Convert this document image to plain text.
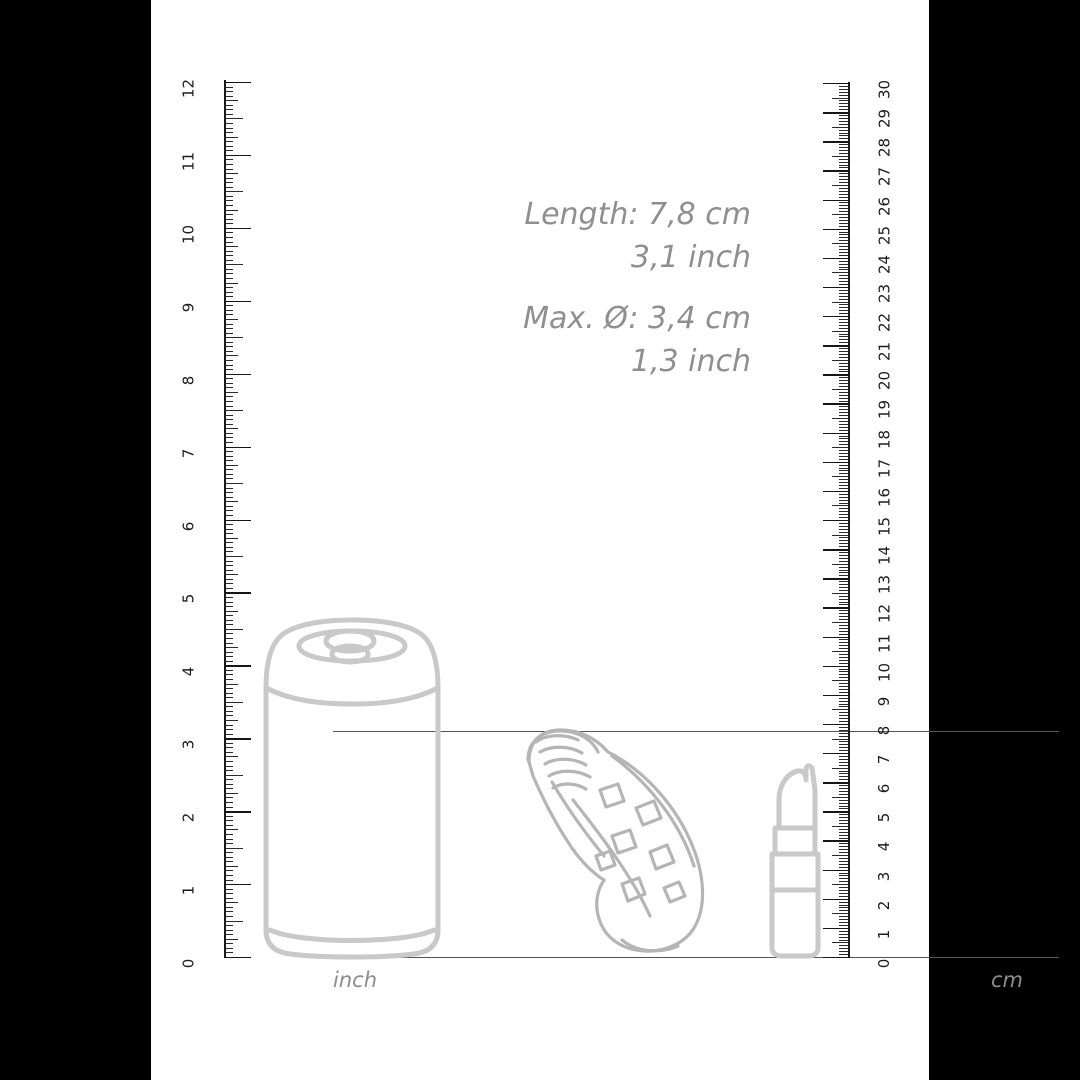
Length: 7,8 cm
3,1 inch
Max. Ø: 3,4 cm
1,3 inch
0
1
2
3
4
5
6
7
8
9
10
11
12
inch
0
1
2
3
4
5
6
7
8
9
10
11
12
13
14
15
16
17
18
19
20
21
22
23
24
25
26
27
28
29
30
cm
